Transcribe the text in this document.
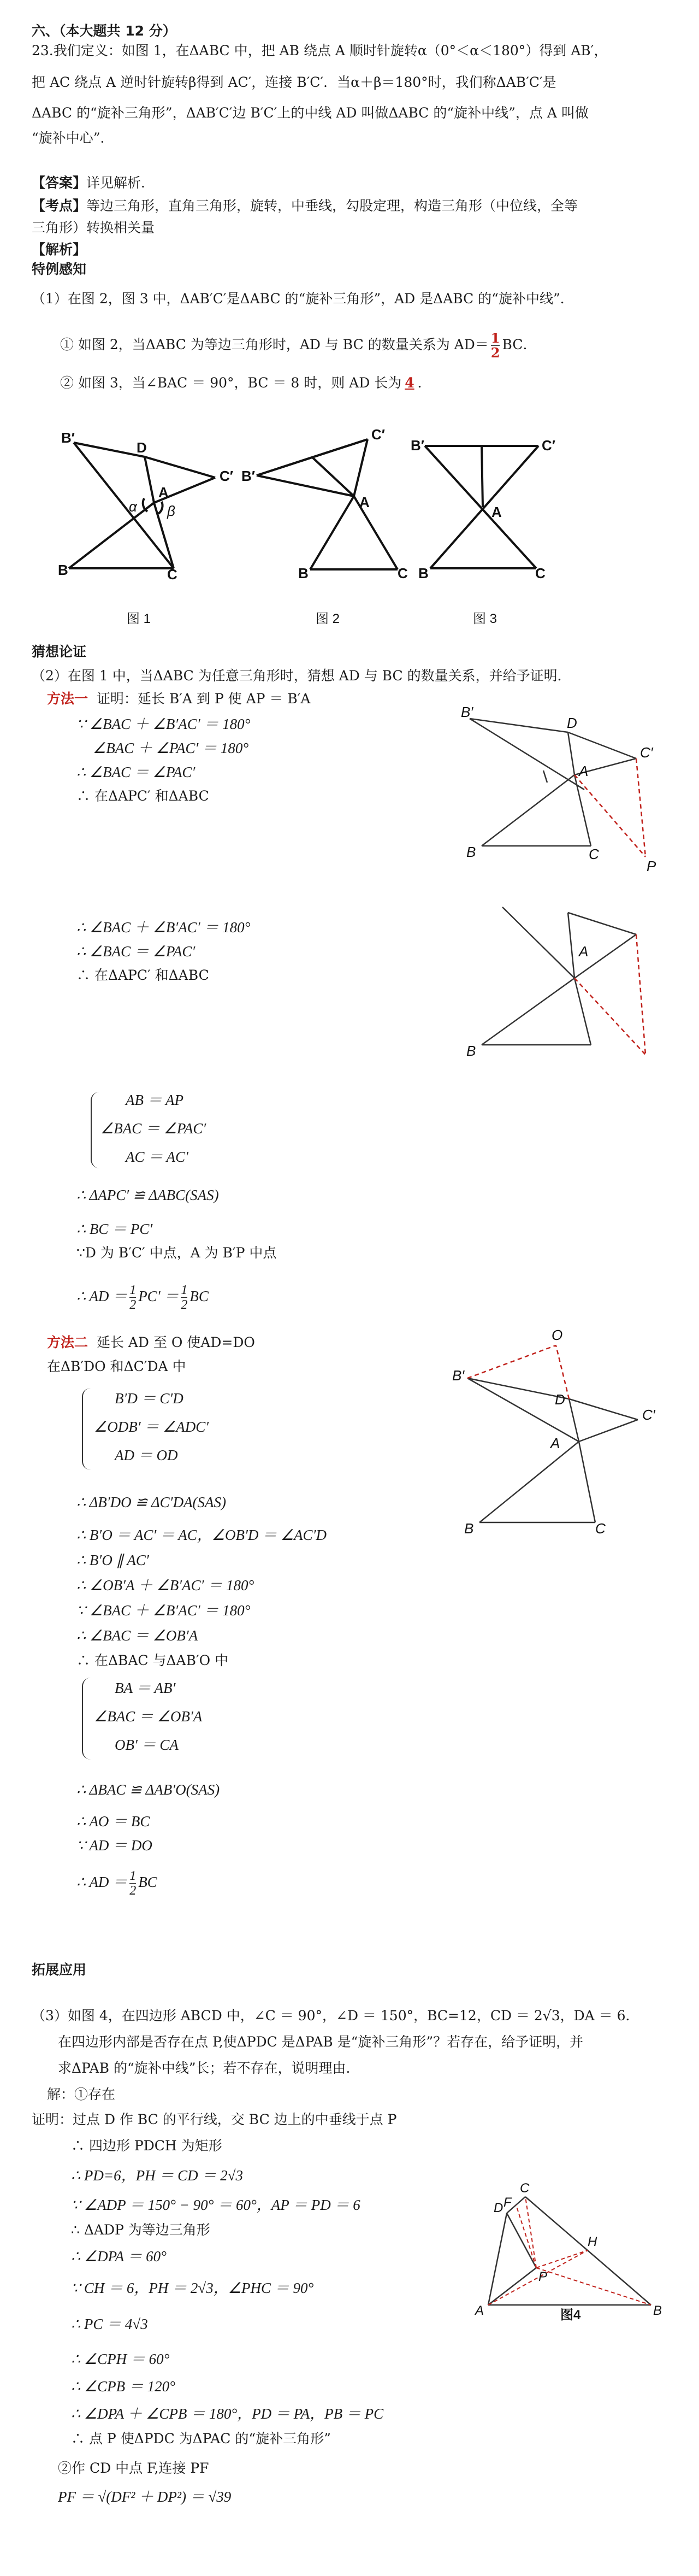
六、（本大题共 12 分）
23.我们定义：如图 1，在ΔABC 中，把 AB 绕点 A 顺时针旋转α（0°＜α＜180°）得到 AB′，
把 AC 绕点 A 逆时针旋转β得到 AC′，连接 B′C′．当α＋β＝180°时，我们称ΔAB′C′是
ΔABC 的“旋补三角形”，ΔAB′C′边 B′C′上的中线 AD 叫做ΔABC 的“旋补中线”，点 A 叫做
“旋补中心”．
【答案】详见解析．
【考点】等边三角形，直角三角形，旋转，中垂线，勾股定理，构造三角形（中位线，全等
三角形）转换相关量
【解析】
特例感知
（1）在图 2，图 3 中，ΔAB′C′是ΔABC 的“旋补三角形”，AD 是ΔABC 的“旋补中线”．
① 如图 2，当ΔABC 为等边三角形时，AD 与 BC 的数量关系为 $AD= \frac{1}{2}$ BC．
② 如图 3，当∠BAC ＝ 90°，BC ＝ 8 时，则 AD 长为 4 ．
B′
D
C′
A
α β
B	C
B′
C′
A
B	C
B′	C′
A
B	C
图 1	图 2	图 3
猜想论证
（2）在图 1 中，当ΔABC 为任意三角形时，猜想 AD 与 BC 的数量关系，并给予证明．
方法一 证明：延长 B′A 到 P 使 AP ＝ B′A
∵ ∠BAC ＋ ∠B′AC′ ＝ 180°
∠BAC ＋ ∠PAC′ ＝ 180°
∴ ∠BAC ＝ ∠PAC′
∴ 在ΔAPC′ 和ΔABC
B′
D
C′
A
B	C
P
∴ ∠BAC ＋ ∠B′AC′ ＝ 180°
∴ ∠BAC ＝ ∠PAC′
∴ 在ΔAPC′ 和ΔABC
A
B
AB ＝ AP
∠BAC ＝ ∠PAC′
AC ＝ AC′
∴ ΔAPC′ ≌ ΔABC(SAS)
∴ BC ＝ PC′
∵D 为 B′C′ 中点，A 为 B′P 中点
∴ AD ＝ $\frac{1}{2} PC' = \frac{1}{2}$ BC
方法二 延长 AD 至 O 使AD=DO
在ΔB′DO 和ΔC′DA 中
O
B′
D
C′
A
B	C
B′D ＝ C′D
∠ODB′ ＝ ∠ADC′
AD ＝ OD
∴ ΔB′DO ≌ ΔC′DA(SAS)
∴ B′O ＝ AC′ ＝ AC，∠OB′D ＝ ∠AC′D
∴ B′O ∥ AC′
∴ ∠OB′A ＋ ∠B′AC′ ＝ 180°
∵ ∠BAC ＋ ∠B′AC′ ＝ 180°
∴ ∠BAC ＝ ∠OB′A
∴ 在ΔBAC 与ΔAB′O 中
BA ＝ AB′
∠BAC ＝ ∠OB′A
OB′ ＝ CA
∴ ΔBAC ≌ ΔAB′O(SAS)
∴ AO ＝ BC
∵ AD ＝ DO
∴ AD ＝ $\frac{1}{2}$ BC
拓展应用
（3）如图 4，在四边形 ABCD 中，∠C ＝ 90°，∠D ＝ 150°，BC=12，CD ＝ 2√3，DA ＝ 6．
在四边形内部是否存在点 P,使ΔPDC 是ΔPAB 是“旋补三角形”？若存在，给予证明，并
求ΔPAB 的“旋补中线”长；若不存在，说明理由．
解：①存在
证明：过点 D 作 BC 的平行线，交 BC 边上的中垂线于点 P
∴ 四边形 PDCH 为矩形
∴ PD=6，PH ＝ CD ＝ 2√3
∵ ∠ADP ＝ 150° − 90° ＝ 60°，AP ＝ PD ＝ 6
∴ ΔADP 为等边三角形
∴ ∠DPA ＝ 60°
∵ CH ＝ 6，PH ＝ 2√3，∠PHC ＝ 90°
∴ PC ＝ 4√3
∴ ∠CPH ＝ 60°
∴ ∠CPB ＝ 120°
∴ ∠DPA ＋ ∠CPB ＝ 180°，PD ＝ PA，PB ＝ PC
∴ 点 P 使ΔPDC 为ΔPAC 的“旋补三角形”
②作 CD 中点 F,连接 PF
PF ＝ √(DF² ＋ DP²) ＝ √39
C
D F
H
P
A	B
图4
